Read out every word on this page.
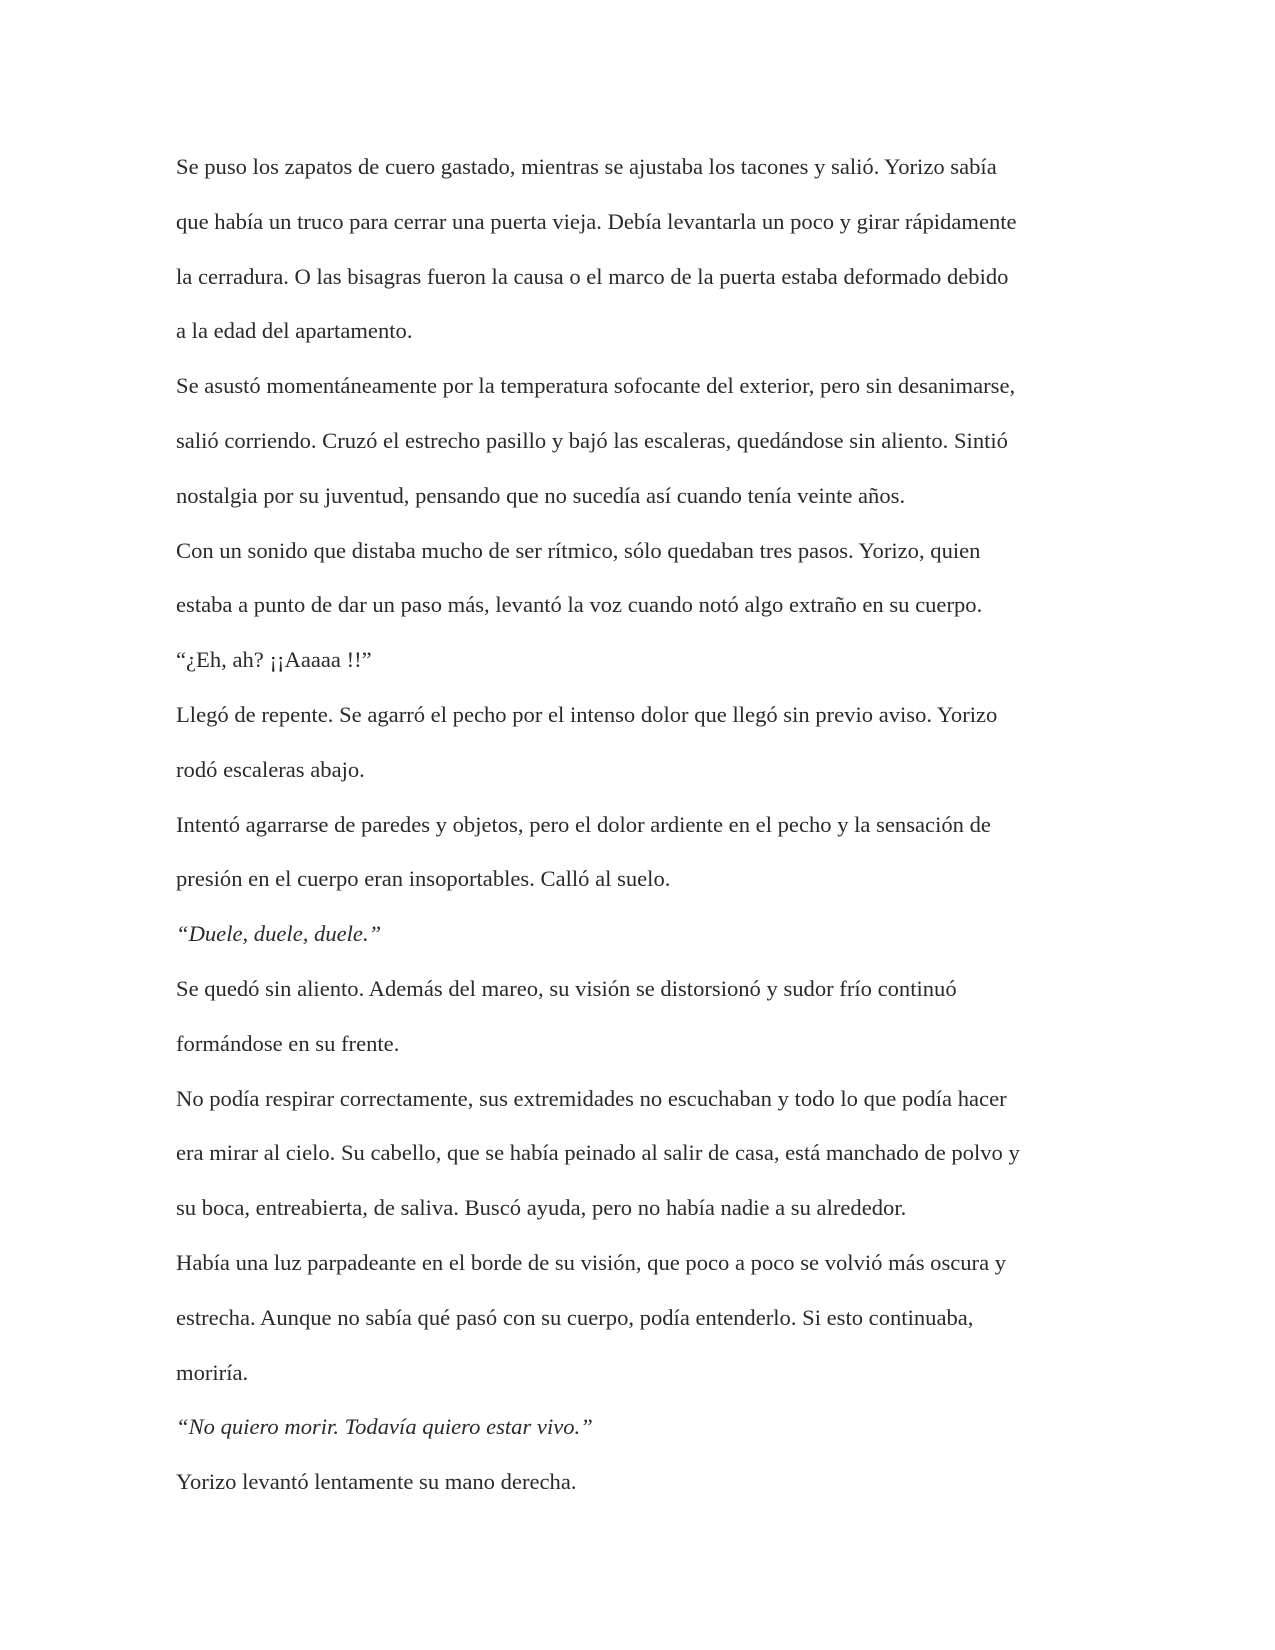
Se puso los zapatos de cuero gastado, mientras se ajustaba los tacones y salió. Yorizo sabía
que había un truco para cerrar una puerta vieja. Debía levantarla un poco y girar rápidamente
la cerradura. O las bisagras fueron la causa o el marco de la puerta estaba deformado debido
a la edad del apartamento.

Se asustó momentáneamente por la temperatura sofocante del exterior, pero sin desanimarse,
salió corriendo. Cruzó el estrecho pasillo y bajó las escaleras, quedándose sin aliento. Sintió
nostalgia por su juventud, pensando que no sucedía así cuando tenía veinte años.

Con un sonido que distaba mucho de ser rítmico, sólo quedaban tres pasos. Yorizo, quien
estaba a punto de dar un paso más, levantó la voz cuando notó algo extraño en su cuerpo.

“¿Eh, ah? ¡¡Aaaaa !!”

Llegó de repente. Se agarró el pecho por el intenso dolor que llegó sin previo aviso. Yorizo
rodó escaleras abajo.

Intentó agarrarse de paredes y objetos, pero el dolor ardiente en el pecho y la sensación de
presión en el cuerpo eran insoportables. Calló al suelo.

“Duele, duele, duele.”

Se quedó sin aliento. Además del mareo, su visión se distorsionó y sudor frío continuó
formándose en su frente.

No podía respirar correctamente, sus extremidades no escuchaban y todo lo que podía hacer
era mirar al cielo. Su cabello, que se había peinado al salir de casa, está manchado de polvo y
su boca, entreabierta, de saliva. Buscó ayuda, pero no había nadie a su alrededor.

Había una luz parpadeante en el borde de su visión, que poco a poco se volvió más oscura y
estrecha. Aunque no sabía qué pasó con su cuerpo, podía entenderlo. Si esto continuaba,
moriría.

“No quiero morir. Todavía quiero estar vivo.”

Yorizo levantó lentamente su mano derecha.
